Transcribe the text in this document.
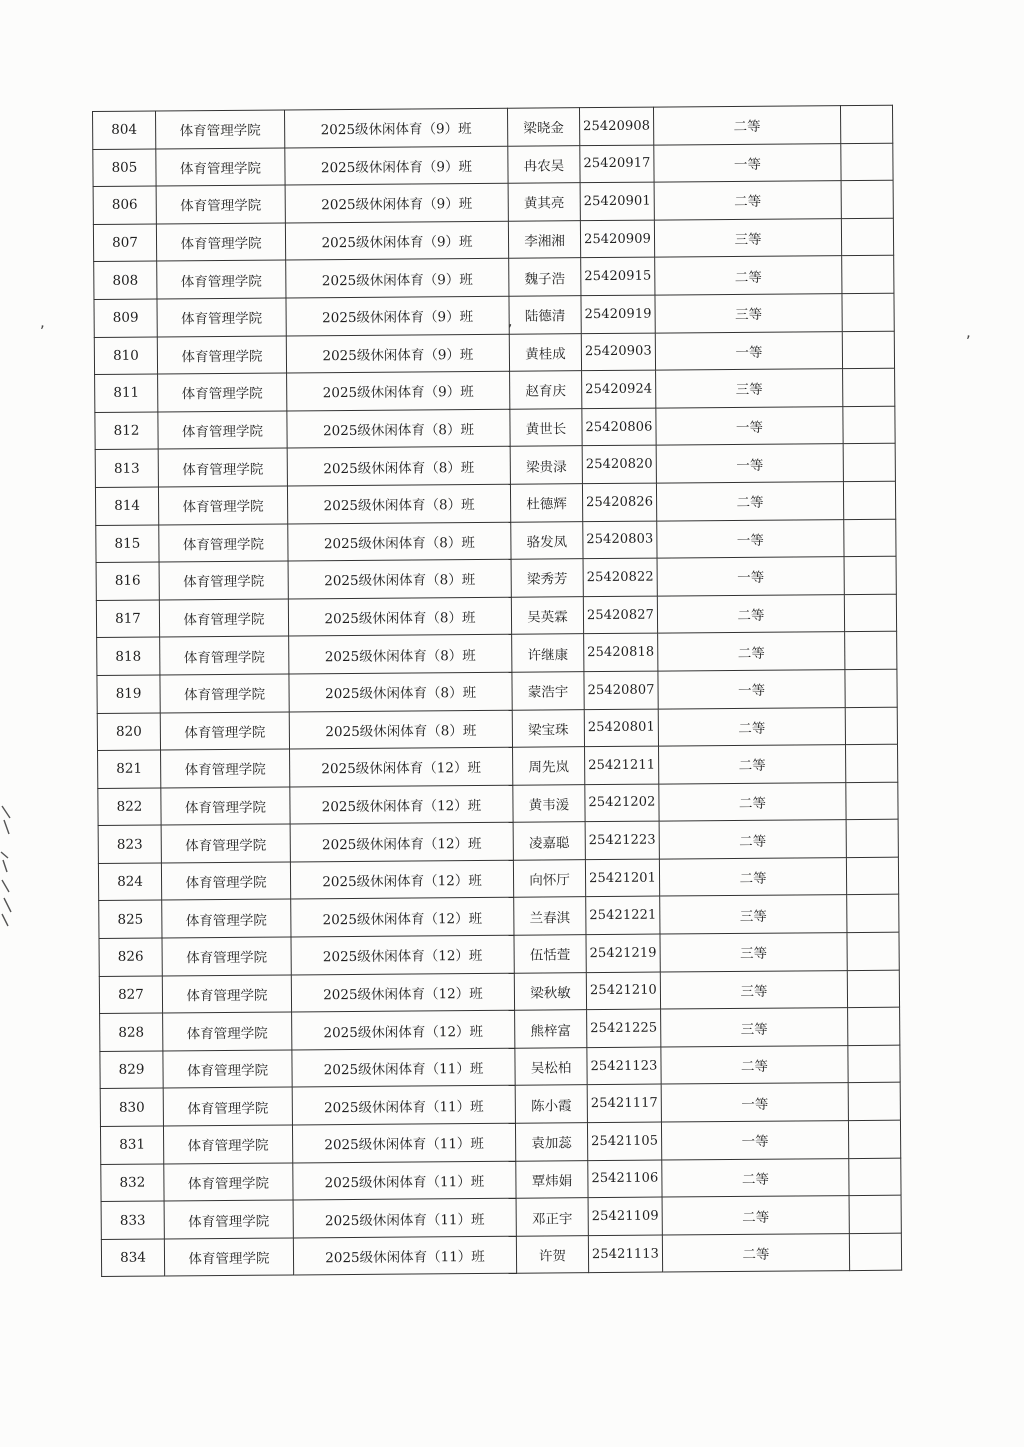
,
,
,
804	体育管理学院	2025级休闲体育（9）班	梁晓金	25420908	二等	
805	体育管理学院	2025级休闲体育（9）班	冉农吴	25420917	一等	
806	体育管理学院	2025级休闲体育（9）班	黄其亮	25420901	二等	
807	体育管理学院	2025级休闲体育（9）班	李湘湘	25420909	三等	
808	体育管理学院	2025级休闲体育（9）班	魏子浩	25420915	二等	
809	体育管理学院	2025级休闲体育（9）班	陆德清	25420919	三等	
810	体育管理学院	2025级休闲体育（9）班	黄桂成	25420903	一等	
811	体育管理学院	2025级休闲体育（9）班	赵育庆	25420924	三等	
812	体育管理学院	2025级休闲体育（8）班	黄世长	25420806	一等	
813	体育管理学院	2025级休闲体育（8）班	梁贵渌	25420820	一等	
814	体育管理学院	2025级休闲体育（8）班	杜德辉	25420826	二等	
815	体育管理学院	2025级休闲体育（8）班	骆发凤	25420803	一等	
816	体育管理学院	2025级休闲体育（8）班	梁秀芳	25420822	一等	
817	体育管理学院	2025级休闲体育（8）班	吴英霖	25420827	二等	
818	体育管理学院	2025级休闲体育（8）班	许继康	25420818	二等	
819	体育管理学院	2025级休闲体育（8）班	蒙浩宇	25420807	一等	
820	体育管理学院	2025级休闲体育（8）班	梁宝珠	25420801	二等	
821	体育管理学院	2025级休闲体育（12）班	周先岚	25421211	二等	
822	体育管理学院	2025级休闲体育（12）班	黄韦湲	25421202	二等	
823	体育管理学院	2025级休闲体育（12）班	凌嘉聪	25421223	二等	
824	体育管理学院	2025级休闲体育（12）班	向怀厅	25421201	二等	
825	体育管理学院	2025级休闲体育（12）班	兰春淇	25421221	三等	
826	体育管理学院	2025级休闲体育（12）班	伍恬萱	25421219	三等	
827	体育管理学院	2025级休闲体育（12）班	梁秋敏	25421210	三等	
828	体育管理学院	2025级休闲体育（12）班	熊梓富	25421225	三等	
829	体育管理学院	2025级休闲体育（11）班	吴松柏	25421123	二等	
830	体育管理学院	2025级休闲体育（11）班	陈小霞	25421117	一等	
831	体育管理学院	2025级休闲体育（11）班	袁加蕊	25421105	一等	
832	体育管理学院	2025级休闲体育（11）班	覃炜娟	25421106	二等	
833	体育管理学院	2025级休闲体育（11）班	邓正宇	25421109	二等	
834	体育管理学院	2025级休闲体育（11）班	许贺	25421113	二等	
